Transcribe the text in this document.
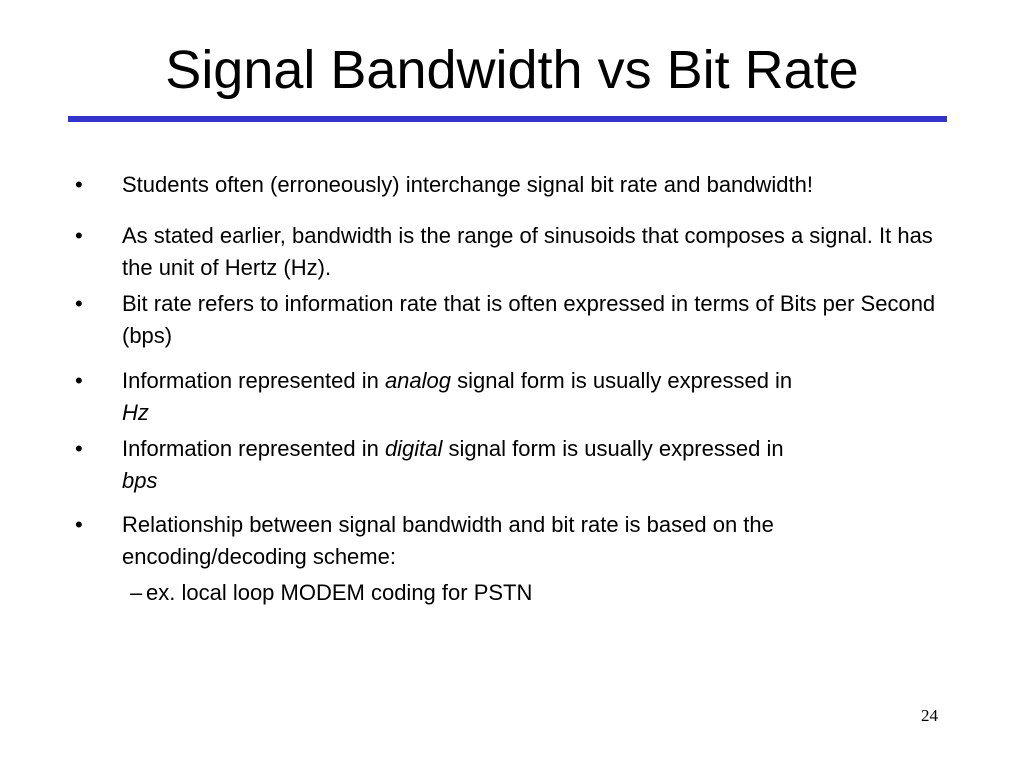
Signal Bandwidth vs Bit Rate
• Students often (erroneously) interchange signal bit rate and bandwidth!
• As stated earlier, bandwidth is the range of sinusoids that composes a signal. It has the unit of Hertz (Hz).
• Bit rate refers to information rate that is often expressed in terms of Bits per Second (bps)
• Information represented in analog signal form is usually expressed in
Hz
• Information represented in digital signal form is usually expressed in
bps
• Relationship between signal bandwidth and bit rate is based on the encoding/decoding scheme:
– ex. local loop MODEM coding for PSTN
24
